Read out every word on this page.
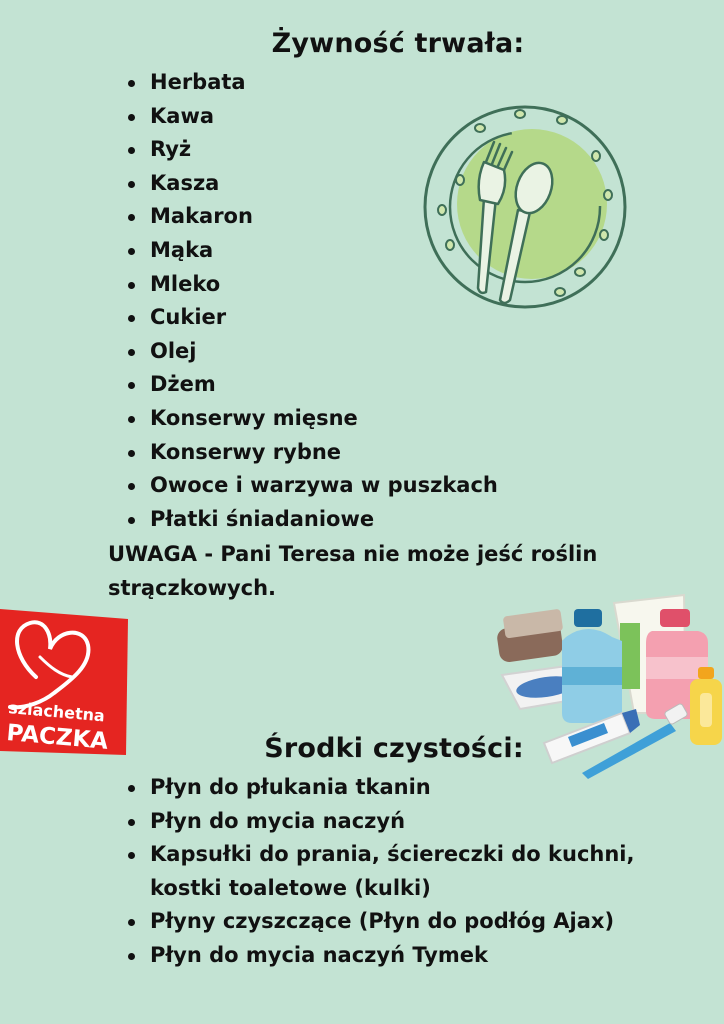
Żywność trwała:
Herbata
Kawa
Ryż
Kasza
Makaron
Mąka
Mleko
Cukier
Olej
Dżem
Konserwy mięsne
Konserwy rybne
Owoce i warzywa w puszkach
Płatki śniadaniowe

UWAGA - Pani Teresa nie może jeść roślin strączkowych.

szlachetna
PACZKA	Środki czystości:
Płyn do płukania tkanin
Płyn do mycia naczyń
Kapsułki do prania, ściereczki do kuchni, kostki toaletowe (kulki)
Płyny czyszczące (Płyn do podłóg Ajax)
Płyn do mycia naczyń Tymek
